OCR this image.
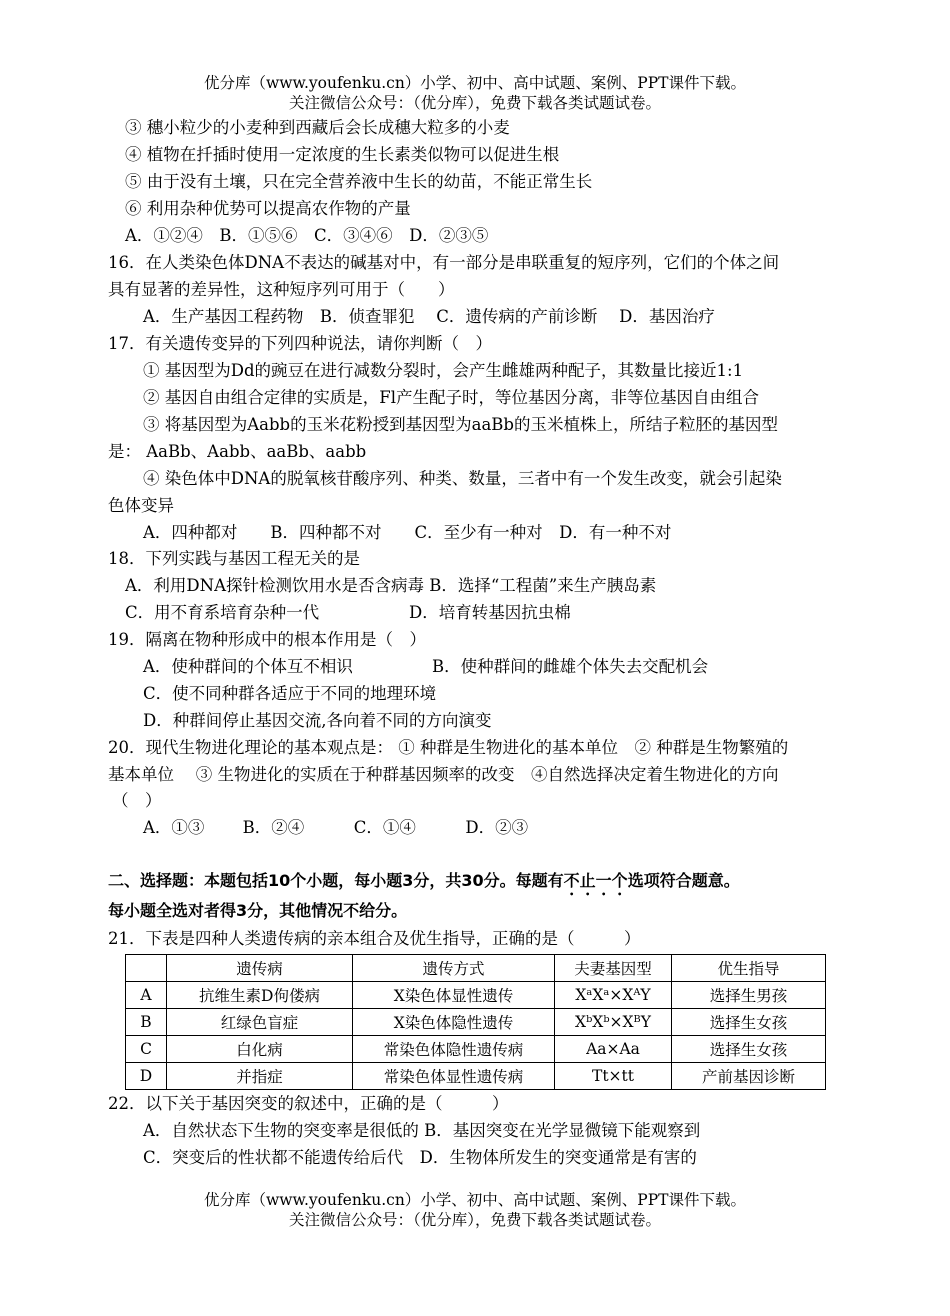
优分库（www.youfenku.cn）小学、初中、高中试题、案例、PPT课件下载。
关注微信公众号：（优分库），免费下载各类试题试卷。
③ 穗小粒少的小麦种到西藏后会长成穗大粒多的小麦
④ 植物在扦插时使用一定浓度的生长素类似物可以促进生根
⑤ 由于没有土壤，只在完全营养液中生长的幼苗，不能正常生长
⑥ 利用杂种优势可以提高农作物的产量
A．①②④　B．①⑤⑥　C．③④⑥　D．②③⑤
16．在人类染色体DNA不表达的碱基对中，有一部分是串联重复的短序列，它们的个体之间
具有显著的差异性，这种短序列可用于（　　）
A．生产基因工程药物　B．侦查罪犯　 C．遗传病的产前诊断　 D．基因治疗
17．有关遗传变异的下列四种说法，请你判断（　）
① 基因型为Dd的豌豆在进行减数分裂时，会产生雌雄两种配子，其数量比接近1:1
② 基因自由组合定律的实质是，Fl产生配子时，等位基因分离，非等位基因自由组合
③ 将基因型为Aabb的玉米花粉授到基因型为aaBb的玉米植株上，所结子粒胚的基因型
是： AaBb、Aabb、aaBb、aabb
④ 染色体中DNA的脱氧核苷酸序列、种类、数量，三者中有一个发生改变，就会引起染
色体变异
A．四种都对　　B．四种都不对　　C．至少有一种对　D．有一种不对
18．下列实践与基因工程无关的是
A．利用DNA探针检测饮用水是否含病毒 B．选择“工程菌”来生产胰岛素
C．用不育系培育杂种一代	D．培育转基因抗虫棉
19．隔离在物种形成中的根本作用是（　）
A．使种群间的个体互不相识	B．使种群间的雌雄个体失去交配机会
C．使不同种群各适应于不同的地理环境
D．种群间停止基因交流,各向着不同的方向演变
20．现代生物进化理论的基本观点是： ① 种群是生物进化的基本单位　② 种群是生物繁殖的
基本单位　 ③ 生物进化的实质在于种群基因频率的改变　④自然选择决定着生物进化的方向
（　）
A．①③　　 B．②④　　　C．①④　　　D．②③
二、选择题：本题包括10个小题，每小题3分，共30分。每题有不止一个选项符合题意。
每小题全选对者得3分，其他情况不给分。
21．下表是四种人类遗传病的亲本组合及优生指导，正确的是（　　　）
	遗传病	遗传方式	夫妻基因型	优生指导
A	抗维生素D佝偻病	X染色体显性遗传	XᵃXᵃ×XᴬY	选择生男孩
B	红绿色盲症	X染色体隐性遗传	XᵇXᵇ×XᴮY	选择生女孩
C	白化病	常染色体隐性遗传病	Aa×Aa	选择生女孩
D	并指症	常染色体显性遗传病	Tt×tt	产前基因诊断
22．以下关于基因突变的叙述中，正确的是（　　　）
A．自然状态下生物的突变率是很低的 B．基因突变在光学显微镜下能观察到
C．突变后的性状都不能遗传给后代　D．生物体所发生的突变通常是有害的
优分库（www.youfenku.cn）小学、初中、高中试题、案例、PPT课件下载。
关注微信公众号：（优分库），免费下载各类试题试卷。
